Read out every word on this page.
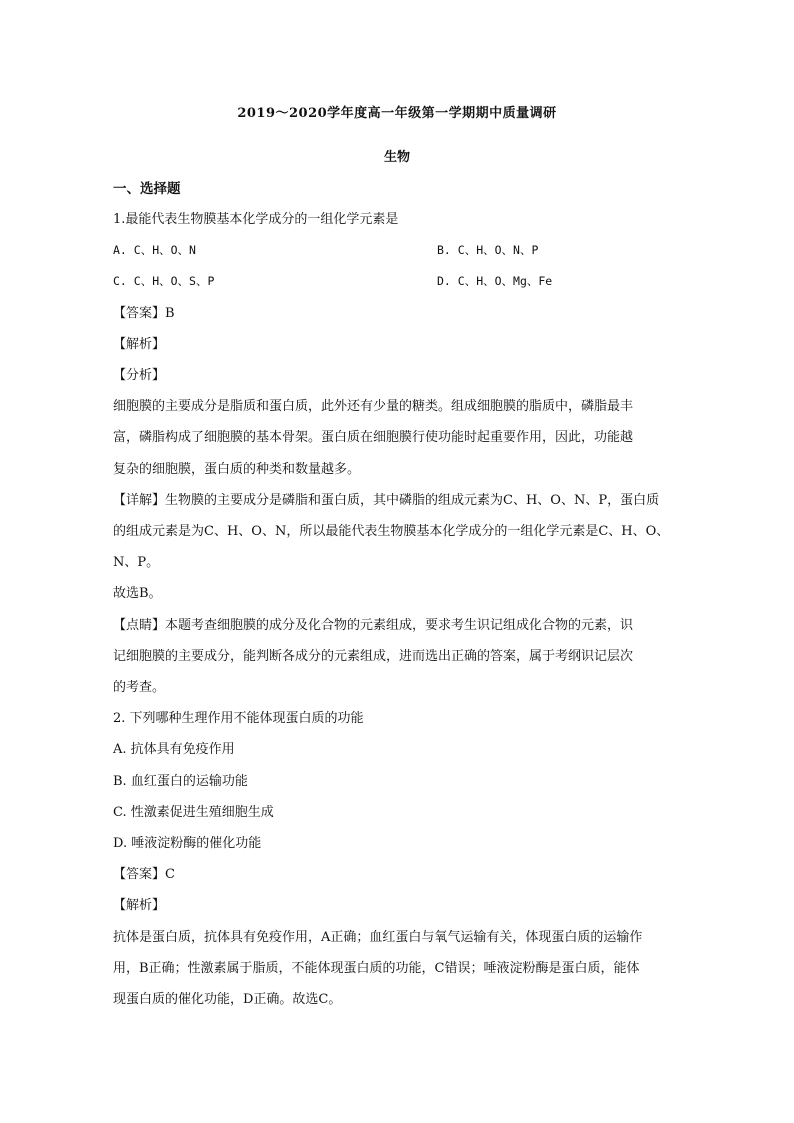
2019～2020学年度高一年级第一学期期中质量调研
生物
一、选择题

1.最能代表生物膜基本化学成分的一组化学元素是

A. C、H、O、N	B. C、H、O、N、P
C. C、H、O、S、P	D. C、H、O、Mg、Fe

【答案】B

【解析】

【分析】

细胞膜的主要成分是脂质和蛋白质，此外还有少量的糖类。组成细胞膜的脂质中，磷脂最丰

富，磷脂构成了细胞膜的基本骨架。蛋白质在细胞膜行使功能时起重要作用，因此，功能越

复杂的细胞膜，蛋白质的种类和数量越多。

【详解】生物膜的主要成分是磷脂和蛋白质，其中磷脂的组成元素为C、H、O、N、P，蛋白质

的组成元素是为C、H、O、N，所以最能代表生物膜基本化学成分的一组化学元素是C、H、O、

N、P。

故选B。

【点睛】本题考查细胞膜的成分及化合物的元素组成，要求考生识记组成化合物的元素，识

记细胞膜的主要成分，能判断各成分的元素组成，进而选出正确的答案，属于考纲识记层次

的考查。

2. 下列哪种生理作用不能体现蛋白质的功能

A. 抗体具有免疫作用

B. 血红蛋白的运输功能

C. 性激素促进生殖细胞生成

D. 唾液淀粉酶的催化功能

【答案】C

【解析】

抗体是蛋白质，抗体具有免疫作用，A正确；血红蛋白与氧气运输有关，体现蛋白质的运输作

用，B正确；性激素属于脂质，不能体现蛋白质的功能，C错误；唾液淀粉酶是蛋白质，能体

现蛋白质的催化功能，D正确。故选C。
